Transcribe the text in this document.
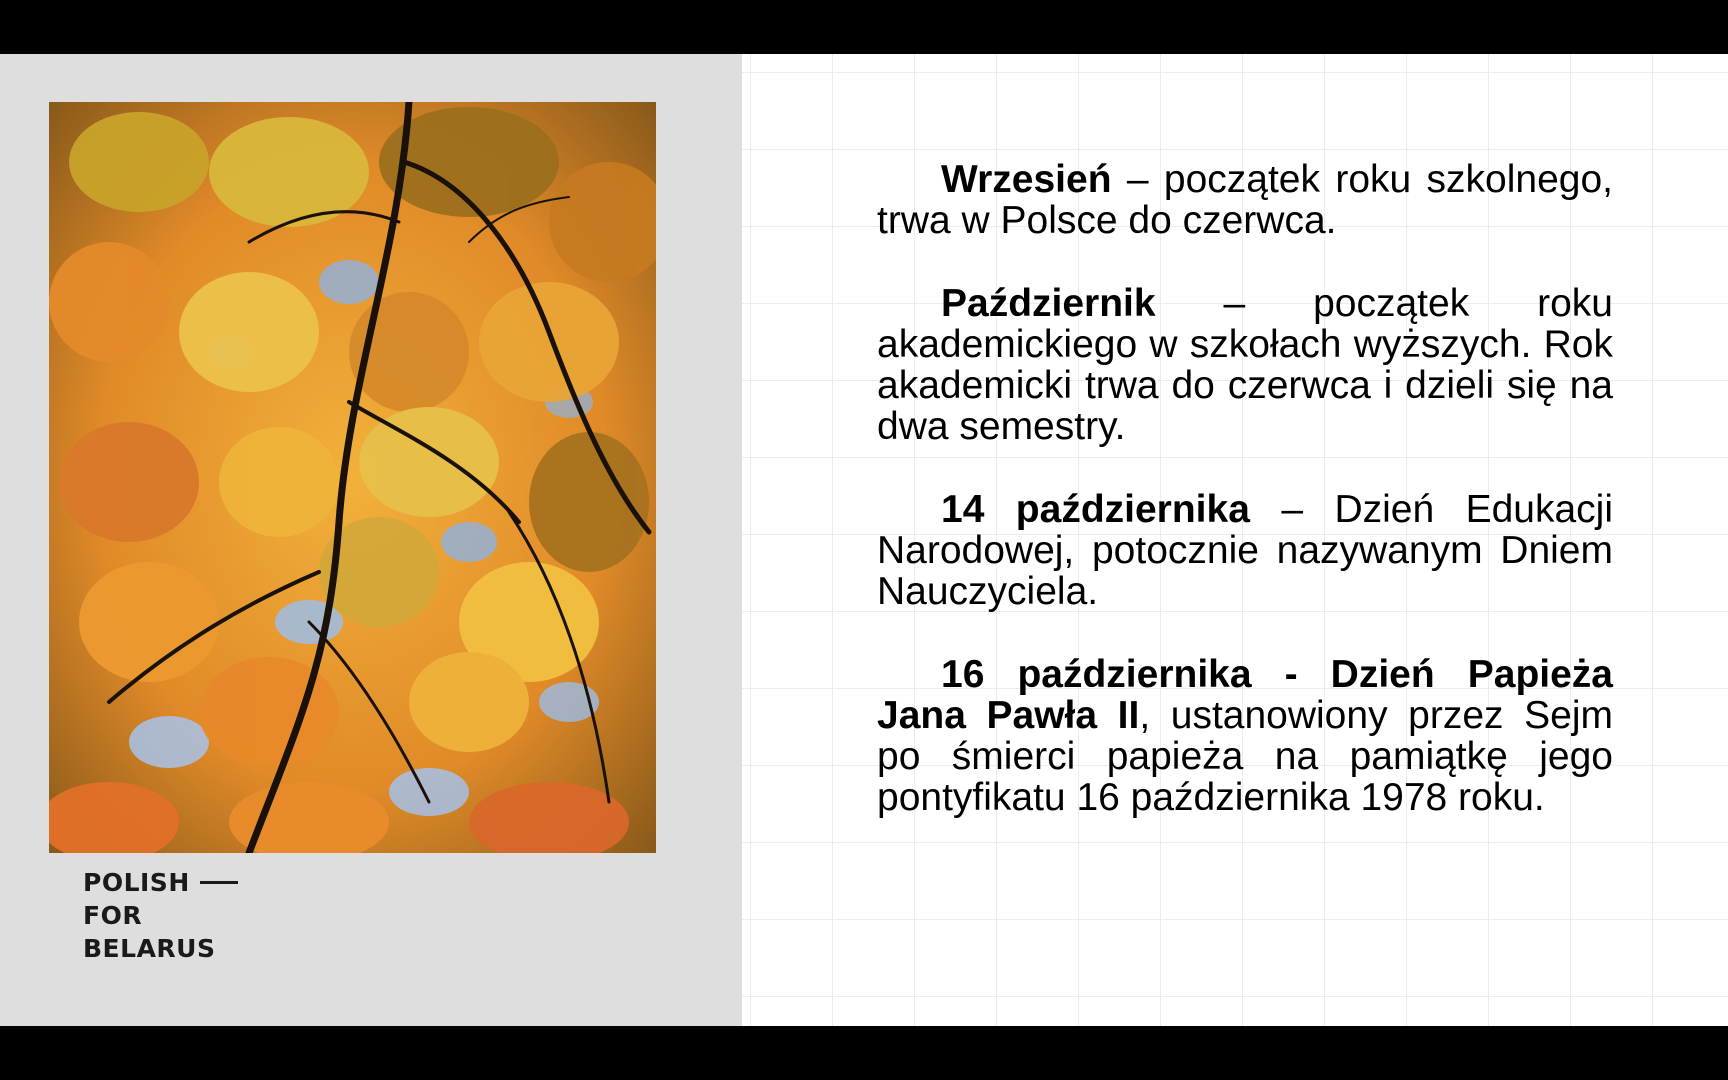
POLISH
FOR
BELARUS

Wrzesień – początek roku szkolnego, trwa w Polsce do czerwca.

Październik – początek roku akademickiego w szkołach wyższych. Rok akademicki trwa do czerwca i dzieli się na dwa semestry.

14 października – Dzień Edukacji Narodowej, potocznie nazywanym Dniem Nauczyciela.

16 października - Dzień Papieża Jana Pawła II, ustanowiony przez Sejm po śmierci papieża na pamiątkę jego pontyfikatu 16 października 1978 roku.
